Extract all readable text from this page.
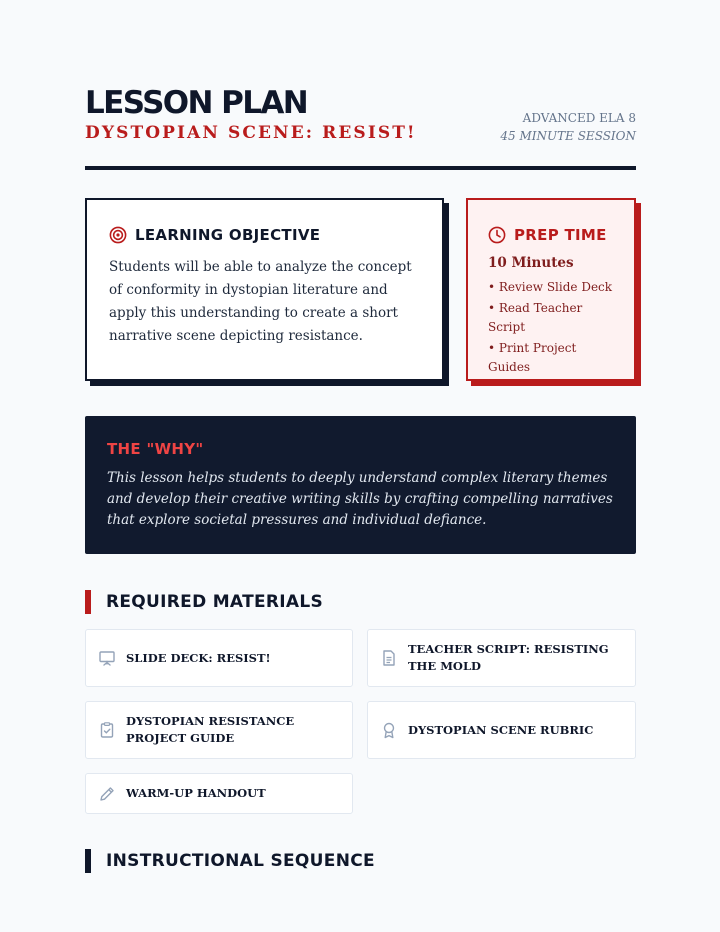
LESSON PLAN
DYSTOPIAN SCENE: RESIST!
ADVANCED ELA 8
45 MINUTE SESSION
LEARNING OBJECTIVE
Students will be able to analyze the concept of conformity in dystopian literature and apply this understanding to create a short narrative scene depicting resistance.
PREP TIME
10 Minutes
• Review Slide Deck
• Read Teacher Script
• Print Project Guides
THE "WHY"
This lesson helps students to deeply understand complex literary themes and develop their creative writing skills by crafting compelling narratives that explore societal pressures and individual defiance.
REQUIRED MATERIALS
SLIDE DECK: RESIST!
TEACHER SCRIPT: RESISTING THE MOLD
DYSTOPIAN RESISTANCE PROJECT GUIDE
DYSTOPIAN SCENE RUBRIC
WARM-UP HANDOUT
INSTRUCTIONAL SEQUENCE
